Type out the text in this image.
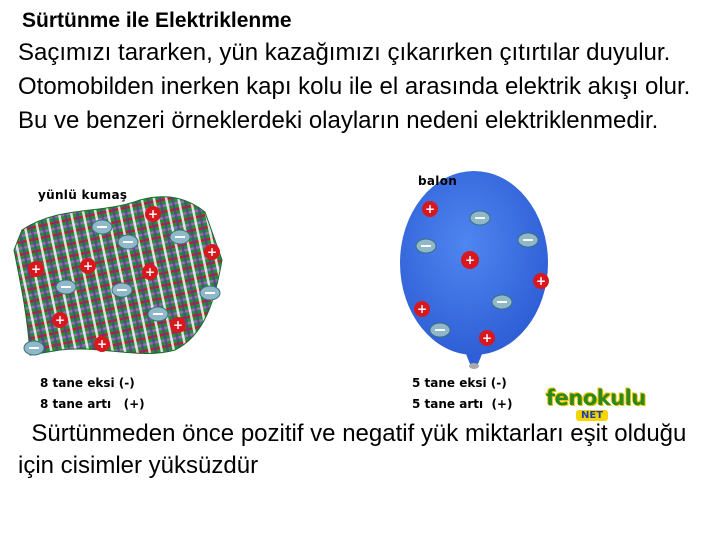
Sürtünme ile Elektriklenme
Saçımızı tararken, yün kazağımızı çıkarırken çıtırtılar duyulur. Otomobilden inerken kapı kolu ile el arasında elektrik akışı olur. Bu ve benzeri örneklerdeki olayların nedeni elektriklenmedir.
yünlü kumaş
+
+
+
+	+
+	+
+
+
+
+
+
+
balon
8 tane eksi (-)
8 tane artı   (+)
5 tane eksi (-)
5 tane artı  (+) fenokulu
NET
Sürtünmeden önce pozitif ve negatif yük miktarları eşit olduğu için cisimler yüksüzdür
